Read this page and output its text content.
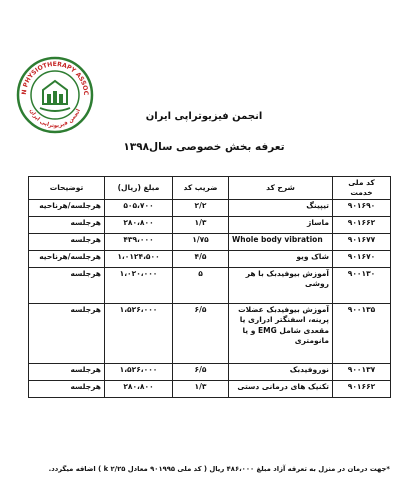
N PHYSIOTHERAPY ASSOC
انجمن فیزیوتراپی ایران
انجمن فیزیوتراپی ایران
تعرفه بخش خصوصی سال۱۳۹۸
کد ملی خدمت	شرح کد	ضریب کد	مبلغ (ریال)	توضیحات
۹۰۱۶۹۰	تیپینگ	۲/۲	۵۰۵،۷۰۰	هرجلسه/هرناحیه
۹۰۱۶۶۲	ماساژ	۱/۳	۲۸۰،۸۰۰	هرجلسه
۹۰۱۶۷۷	Whole body vibration	۱/۷۵	۴۳۹،۰۰۰	هرجلسه
۹۰۱۶۷۰	شاک ویو	۴/۵	۱،۰۱۲۴،۵۰۰	هرجلسه/هرناحیه
۹۰۰۱۳۰	آموزش بیوفیدبک با هر روشی	۵	۱،۰۲۰،۰۰۰	هرجلسه
۹۰۰۱۳۵	آموزش بیوفیدبک عضلات پرینه، اسفنگتر ادراری یا مقعدی شامل EMG و یا مانومتری	۶/۵	۱،۵۲۶،۰۰۰	هرجلسه
۹۰۰۱۳۷	نوروفیدبک	۶/۵	۱،۵۲۶،۰۰۰	هرجلسه
۹۰۱۶۶۲	تکنیک های درمانی دستی	۱/۳	۲۸۰،۸۰۰	هرجلسه
*جهت درمان در منزل به تعرفه آزاد مبلغ ۴۸۶،۰۰۰ ریال ( کد ملی ۹۰۱۹۹۵ معادل k ۲/۲۵ ) اضافه میگردد.
